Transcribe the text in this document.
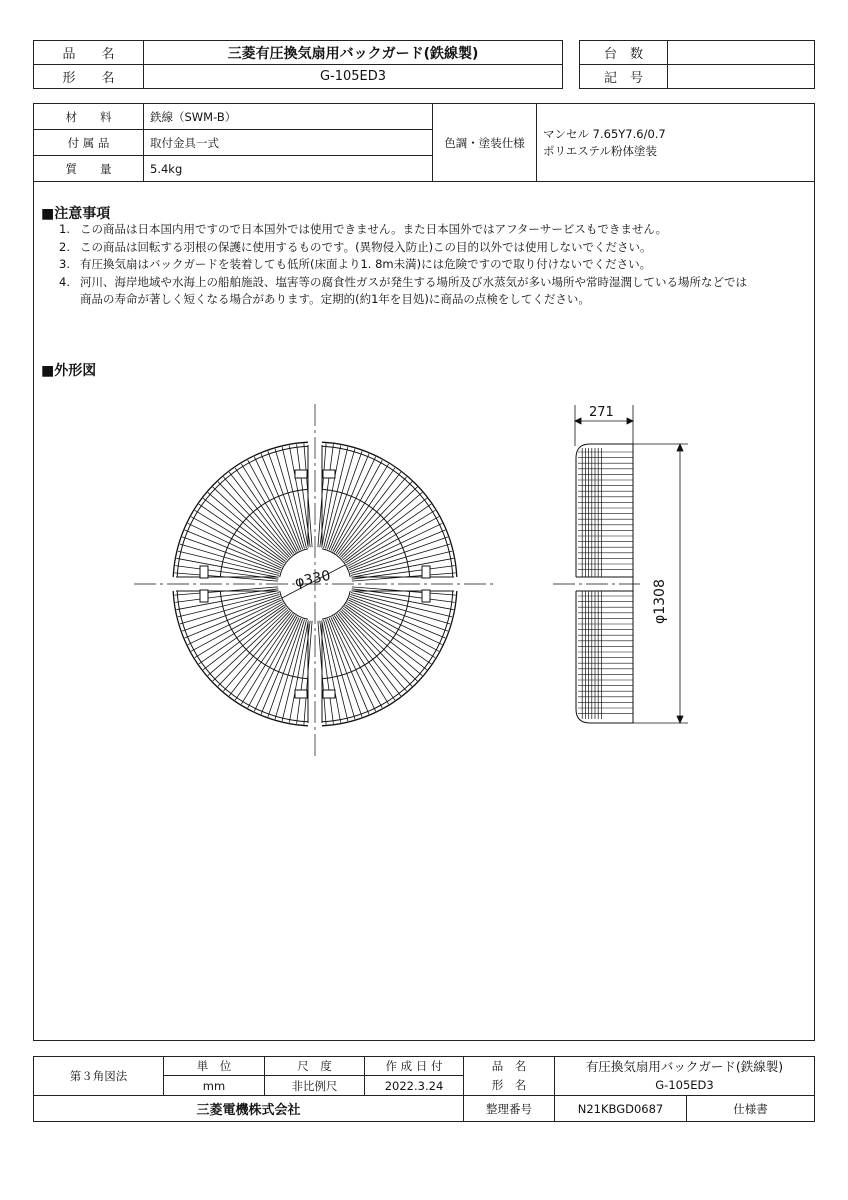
品　　名	三菱有圧換気扇用バックガード(鉄線製)
形　　名	G-105ED3
台　数	
記　号	
材　　料	鉄線（SWM-B）	色調・塗装仕様	マンセル 7.65Y7.6/0.7
ポリエステル粉体塗装

付 属 品	取付金具一式		
質　　量	5.4kg		
■注意事項
1. この商品は日本国内用ですので日本国外では使用できません。また日本国外ではアフターサービスもできません。
2. この商品は回転する羽根の保護に使用するものです。(異物侵入防止)この目的以外では使用しないでください。
3. 有圧換気扇はバックガードを装着しても低所(床面より1. 8m未満)には危険ですので取り付けないでください。
4. 河川、海岸地域や水海上の船舶施設、塩害等の腐食性ガスが発生する場所及び水蒸気が多い場所や常時湿潤している場所などでは
商品の寿命が著しく短くなる場合があります。定期的(約1年を目処)に商品の点検をしてください。
■外形図
φ330
271
φ1308
第３角図法	単　位	尺　度	作 成 日 付	品　名	有圧換気扇用バックガード(鉄線製)	
	mm	非比例尺	2022.3.24	形　名	G-105ED3	
三菱電機株式会社				整理番号	N21KBGD0687	仕様書
